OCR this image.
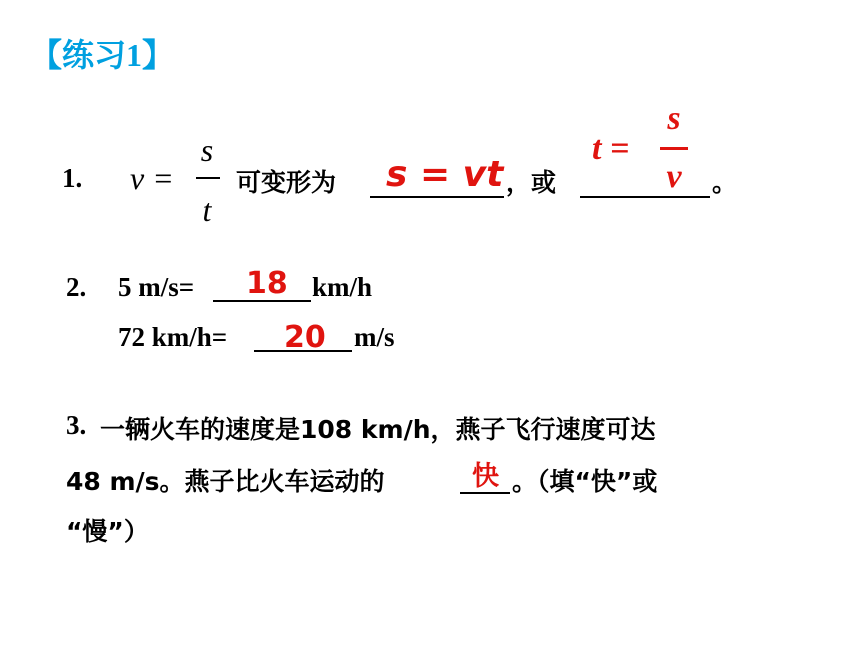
【练习1】
1. v =
s
t
可变形为 s = vt ，或
t =
s
v 。
2. 5 m/s= 18 km/h
72 km/h= 20 m/s
3. 一辆火车的速度是108 km/h，燕子飞行速度可达
48 m/s。燕子比火车运动的	快 。（填“快”或
“慢”）
